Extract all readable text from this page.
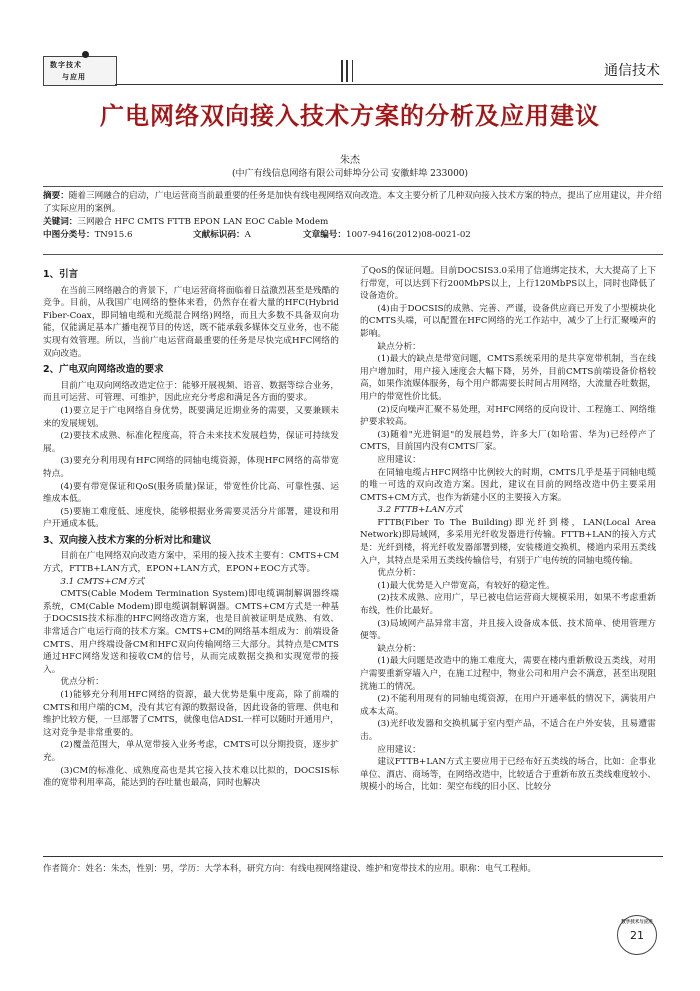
数字技术
与应用	通信技术
广电网络双向接入技术方案的分析及应用建议
朱杰
(中广有线信息网络有限公司蚌埠分公司 安徽蚌埠 233000)

摘要：随着三网融合的启动，广电运营商当前最重要的任务是加快有线电视网络双向改造。本文主要分析了几种双向接入技术方案的特点，提出了应用建议，并介绍了实际应用的案例。

关键词：三网融合 HFC CMTS FTTB EPON LAN EOC Cable Modem

中图分类号：TN915.6	文献标识码：A	文章编号：1007-9416(2012)08-0021-02
1、引言

在当前三网络融合的背景下，广电运营商将面临着日益激烈甚至是残酷的竞争。目前，从我国广电网络的整体来看，仍然存在着大量的HFC(Hybrid Fiber-Coax，即同轴电缆和光缆混合网络)网络，而且大多数不具备双向功能，仅能满足基本广播电视节目的传送，既不能承载多媒体交互业务，也不能实现有效管理。所以，当前广电运营商最重要的任务是尽快完成HFC网络的双向改造。

2、广电双向网络改造的要求

目前广电双向网络改造定位于：能够开展视频、语音、数据等综合业务，而且可运营、可管理、可维护，因此应充分考虑和满足各方面的要求。

(1)要立足于广电网络自身优势，既要满足近期业务的需要，又要兼顾未来的发展规划。

(2)要技术成熟、标准化程度高，符合未来技术发展趋势，保证可持续发展。

(3)要充分利用现有HFC网络的同轴电缆资源，体现HFC网络的高带宽特点。

(4)要有带宽保证和QoS(服务质量)保证，带宽性价比高、可靠性强、运维成本低。

(5)要施工难度低、速度快，能够根据业务需要灵活分片部署，建设和用户开通成本低。

3、双向接入技术方案的分析对比和建议

目前在广电网络双向改造方案中，采用的接入技术主要有：CMTS+CM方式，FTTB+LAN方式，EPON+LAN方式，EPON+EOC方式等。

3.1 CMTS+CM方式

CMTS(Cable Modem Termination System)即电缆调制解调器终端系统，CM(Cable Modem)即电缆调制解调器。CMTS+CM方式是一种基于DOCSIS技术标准的HFC网络改造方案，也是目前被证明是成熟、有效、非常适合广电运行商的技术方案。CMTS+CM的网络基本组成为：前端设备CMTS、用户终端设备CM和HFC双向传输网络三大部分。其特点是CMTS通过HFC网络发送和接收CM的信号，从而完成数据交换和实现宽带的接入。

优点分析：

(1)能够充分利用HFC网络的资源，最大优势是集中度高，除了前端的CMTS和用户端的CM，没有其它有源的数据设备，因此设备的管理、供电和维护比较方便，一旦部署了CMTS，就像电信ADSL一样可以随时开通用户，这对竞争是非常重要的。

(2)覆盖范围大，单从宽带接入业务考虑，CMTS可以分期投资，逐步扩充。

(3)CM的标准化、成熟度高也是其它接入技术难以比拟的，DOCSIS标准的宽带利用率高，能达到的吞吐量也最高，同时也解决

了QoS的保证问题。目前DOCSIS3.0采用了信道绑定技术，大大提高了上下行带宽，可以达到下行200MbPS以上，上行120MbPS以上，同时也降低了设备造价。

(4)由于DOCSIS的成熟、完善、严谨，设备供应商已开发了小型模块化的CMTS头端，可以配置在HFC网络的光工作站中，减少了上行汇聚噪声的影响。

缺点分析：

(1)最大的缺点是带宽问题，CMTS系统采用的是共享宽带机制，当在线用户增加时，用户接入速度会大幅下降，另外，目前CMTS前端设备价格较高，如果作流媒体服务，每个用户都需要长时间占用网络，大流量吞吐数据，用户的带宽性价比低。

(2)反向噪声汇聚不易处理，对HFC网络的反向设计、工程施工、网络维护要求较高。

(3)随着"光进铜退"的发展趋势，许多大厂(如哈雷、华为)已经停产了CMTS，目前国内没有CMTS厂家。

应用建议：

在同轴电缆占HFC网络中比例较大的时期，CMTS几乎是基于同轴电缆的唯一可选的双向改造方案。因此，建议在目前的网络改造中仍主要采用CMTS+CM方式，也作为新建小区的主要接入方案。

3.2 FTTB+LAN方式

FTTB(Fiber To The Building)即光纤到楼，LAN(Local Area Network)即局域网，多采用光纤收发器进行传输。FTTB+LAN的接入方式是：光纤到楼，将光纤收发器部署到楼，安装楼道交换机，楼道内采用五类线入户，其特点是采用五类线传输信号，有别于广电传统的同轴电缆传输。

优点分析：

(1)最大优势是入户带宽高，有较好的稳定性。

(2)技术成熟、应用广，早已被电信运营商大规模采用，如果不考虑重新布线，性价比最好。

(3)局域网产品异常丰富，并且接入设备成本低、技术简单、使用管理方便等。

缺点分析：

(1)最大问题是改造中的施工难度大，需要在楼内重新敷设五类线，对用户需要重新穿墙入户，在施工过程中，物业公司和用户会不满意，甚至出现阻扰施工的情况。

(2)不能利用现有的同轴电缆资源，在用户开通率低的情况下，满装用户成本太高。

(3)光纤收发器和交换机属于室内型产品，不适合在户外安装，且易遭雷击。

应用建议：

建议FTTB+LAN方式主要应用于已经布好五类线的场合，比如：企事业单位、酒店、商场等，在网络改造中，比较适合于重新布放五类线难度较小、规模小的场合，比如：架空布线的旧小区、比较分

作者简介：姓名：朱杰，性别：男，学历：大学本科，研究方向：有线电视网络建设、维护和宽带技术的应用。职称：电气工程师。
数字技术与应用
21
